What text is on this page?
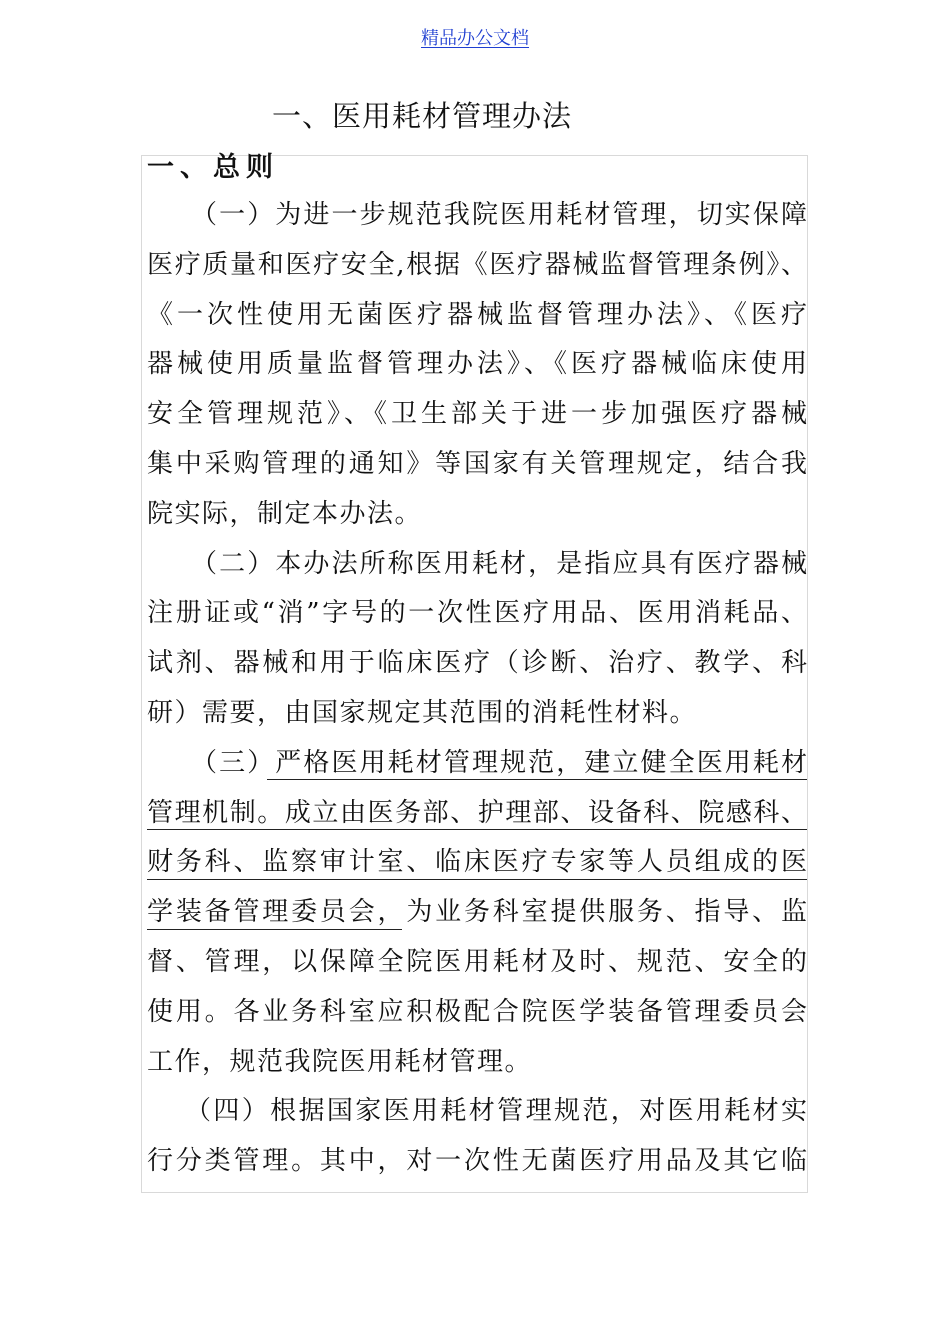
精品办公文档
一、医用耗材管理办法
一、总则
（一）为进一步规范我院医用耗材管理，切实保障
医疗质量和医疗安全,根据《医疗器械监督管理条例》、
《一次性使用无菌医疗器械监督管理办法》、《医疗
器械使用质量监督管理办法》、《医疗器械临床使用
安全管理规范》、《卫生部关于进一步加强医疗器械
集中采购管理的通知》等国家有关管理规定，结合我
院实际，制定本办法。
（二）本办法所称医用耗材，是指应具有医疗器械
注册证或“消”字号的一次性医疗用品、医用消耗品、
试剂、器械和用于临床医疗（诊断、治疗、教学、科
研）需要，由国家规定其范围的消耗性材料。
（三）严格医用耗材管理规范，建立健全医用耗材
管理机制。成立由医务部、护理部、设备科、院感科、
财务科、监察审计室、临床医疗专家等人员组成的医
学装备管理委员会，为业务科室提供服务、指导、监
督、管理，以保障全院医用耗材及时、规范、安全的
使用。各业务科室应积极配合院医学装备管理委员会
工作，规范我院医用耗材管理。
（四）根据国家医用耗材管理规范，对医用耗材实
行分类管理。其中，对一次性无菌医疗用品及其它临
